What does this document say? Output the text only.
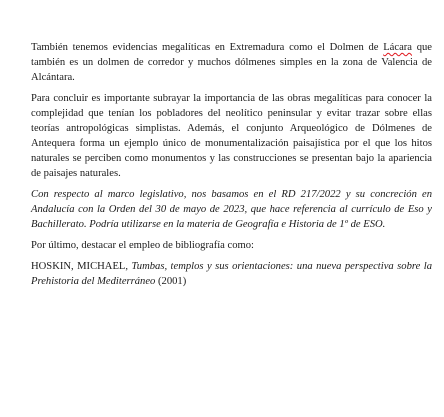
También tenemos evidencias megalíticas en Extremadura como el Dolmen de Lácara que también es un dolmen de corredor y muchos dólmenes simples en la zona de Valencia de Alcántara.

Para concluir es importante subrayar la importancia de las obras megalíticas para conocer la complejidad que tenían los pobladores del neolítico peninsular y evitar trazar sobre ellas teorías antropológicas simplistas. Además, el conjunto Arqueológico de Dólmenes de Antequera forma un ejemplo único de monumentalización paisajística por el que los hitos naturales se perciben como monumentos y las construcciones se presentan bajo la apariencia de paisajes naturales.

Con respecto al marco legislativo, nos basamos en el RD 217/2022 y su concreción en Andalucía con la Orden del 30 de mayo de 2023, que hace referencia al currículo de Eso y Bachillerato. Podría utilizarse en la materia de Geografía e Historia de 1º de ESO.

Por último, destacar el empleo de bibliografía como:

HOSKIN, MICHAEL, Tumbas, templos y sus orientaciones: una nueva perspectiva sobre la Prehistoria del Mediterráneo (2001)
